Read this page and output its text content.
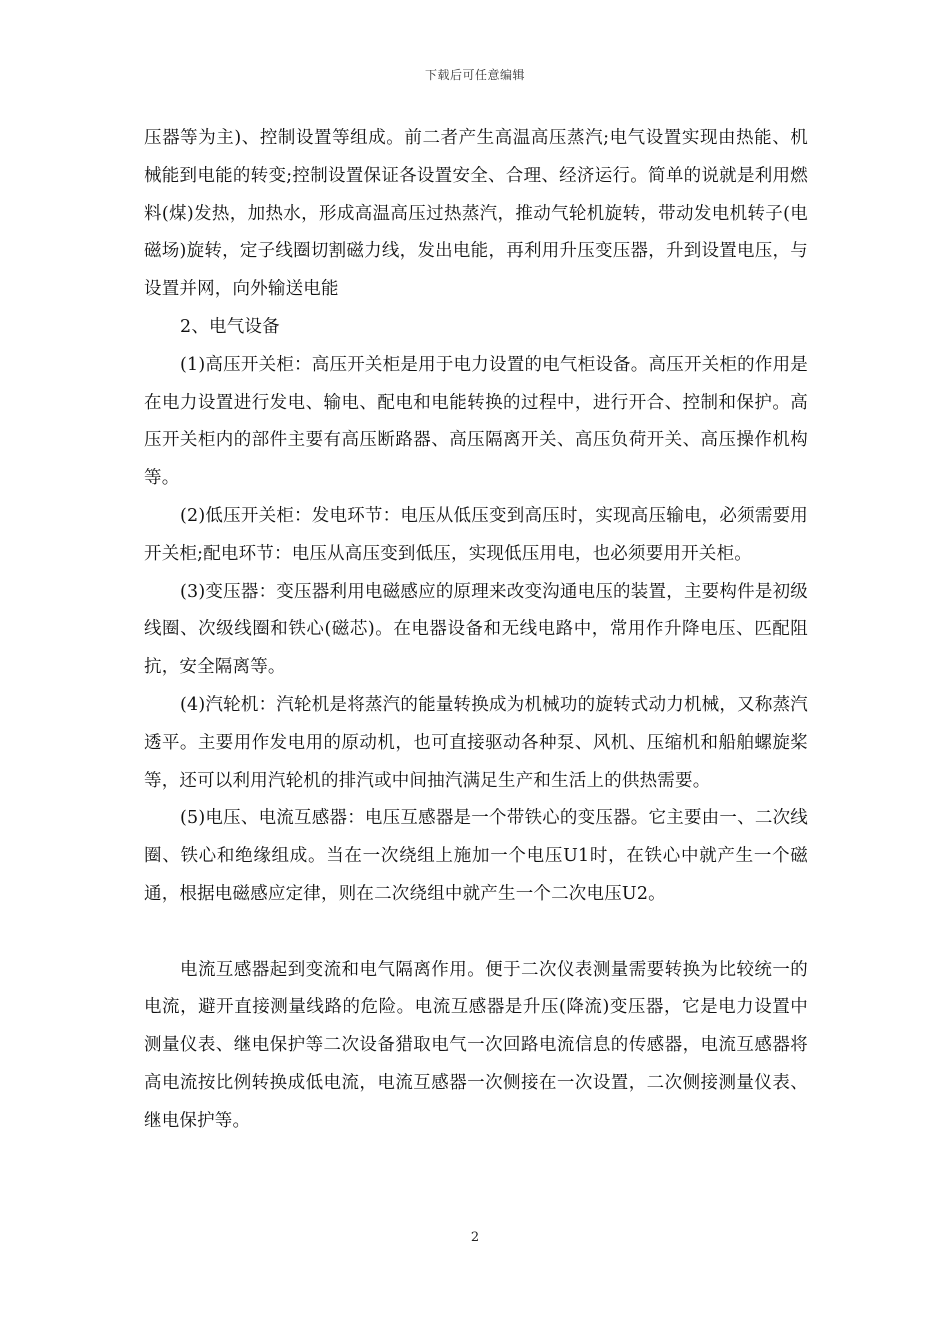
下载后可任意编辑

压器等为主)、控制设置等组成。前二者产生高温高压蒸汽;电气设置实现由热能、机械能到电能的转变;控制设置保证各设置安全、合理、经济运行。简单的说就是利用燃料(煤)发热，加热水，形成高温高压过热蒸汽，推动气轮机旋转，带动发电机转子(电磁场)旋转，定子线圈切割磁力线，发出电能，再利用升压变压器，升到设置电压，与设置并网，向外输送电能

2、电气设备

(1)高压开关柜：高压开关柜是用于电力设置的电气柜设备。高压开关柜的作用是在电力设置进行发电、输电、配电和电能转换的过程中，进行开合、控制和保护。高压开关柜内的部件主要有高压断路器、高压隔离开关、高压负荷开关、高压操作机构等。

(2)低压开关柜：发电环节：电压从低压变到高压时，实现高压输电，必须需要用开关柜;配电环节：电压从高压变到低压，实现低压用电，也必须要用开关柜。

(3)变压器：变压器利用电磁感应的原理来改变沟通电压的装置，主要构件是初级线圈、次级线圈和铁心(磁芯)。在电器设备和无线电路中，常用作升降电压、匹配阻抗，安全隔离等。

(4)汽轮机：汽轮机是将蒸汽的能量转换成为机械功的旋转式动力机械，又称蒸汽透平。主要用作发电用的原动机，也可直接驱动各种泵、风机、压缩机和船舶螺旋桨等，还可以利用汽轮机的排汽或中间抽汽满足生产和生活上的供热需要。

(5)电压、电流互感器：电压互感器是一个带铁心的变压器。它主要由一、二次线圈、铁心和绝缘组成。当在一次绕组上施加一个电压U1时，在铁心中就产生一个磁通，根据电磁感应定律，则在二次绕组中就产生一个二次电压U2。

电流互感器起到变流和电气隔离作用。便于二次仪表测量需要转换为比较统一的电流，避开直接测量线路的危险。电流互感器是升压(降流)变压器，它是电力设置中测量仪表、继电保护等二次设备猎取电气一次回路电流信息的传感器，电流互感器将高电流按比例转换成低电流，电流互感器一次侧接在一次设置，二次侧接测量仪表、继电保护等。

2
